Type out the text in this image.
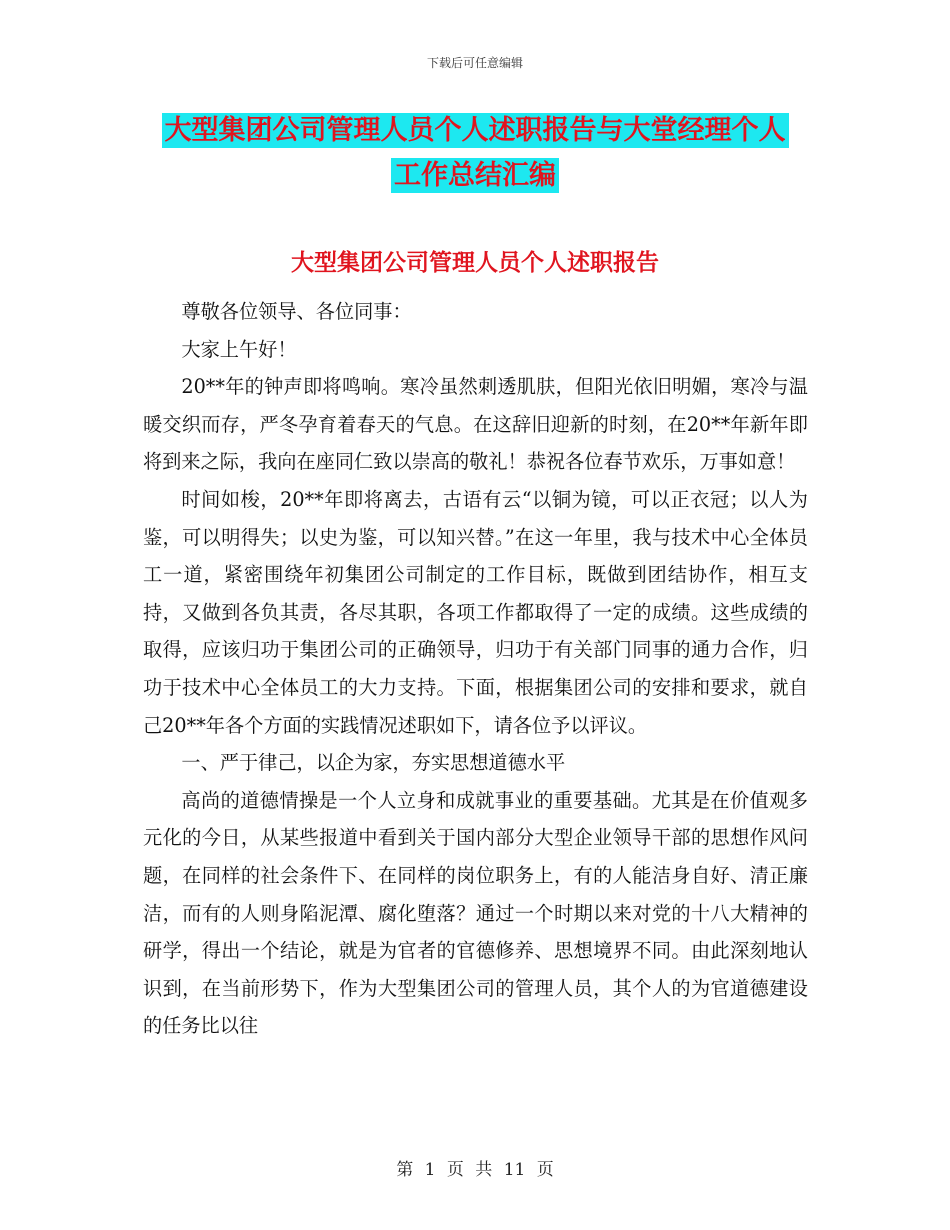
下载后可任意编辑
大型集团公司管理人员个人述职报告与大堂经理个人工作总结汇编
大型集团公司管理人员个人述职报告

尊敬各位领导、各位同事：

大家上午好！

20**年的钟声即将鸣响。寒冷虽然刺透肌肤，但阳光依旧明媚，寒冷与温暖交织而存，严冬孕育着春天的气息。在这辞旧迎新的时刻，在20**年新年即将到来之际，我向在座同仁致以崇高的敬礼！恭祝各位春节欢乐，万事如意！

时间如梭，20**年即将离去，古语有云“以铜为镜，可以正衣冠；以人为鉴，可以明得失；以史为鉴，可以知兴替。”在这一年里，我与技术中心全体员工一道，紧密围绕年初集团公司制定的工作目标，既做到团结协作，相互支持，又做到各负其责，各尽其职，各项工作都取得了一定的成绩。这些成绩的取得，应该归功于集团公司的正确领导，归功于有关部门同事的通力合作，归功于技术中心全体员工的大力支持。下面，根据集团公司的安排和要求，就自己20**年各个方面的实践情况述职如下，请各位予以评议。

一、严于律己，以企为家，夯实思想道德水平

高尚的道德情操是一个人立身和成就事业的重要基础。尤其是在价值观多元化的今日，从某些报道中看到关于国内部分大型企业领导干部的思想作风问题，在同样的社会条件下、在同样的岗位职务上，有的人能洁身自好、清正廉洁，而有的人则身陷泥潭、腐化堕落？通过一个时期以来对党的十八大精神的研学，得出一个结论，就是为官者的官德修养、思想境界不同。由此深刻地认识到，在当前形势下，作为大型集团公司的管理人员，其个人的为官道德建设的任务比以往

第 1 页 共 11 页
